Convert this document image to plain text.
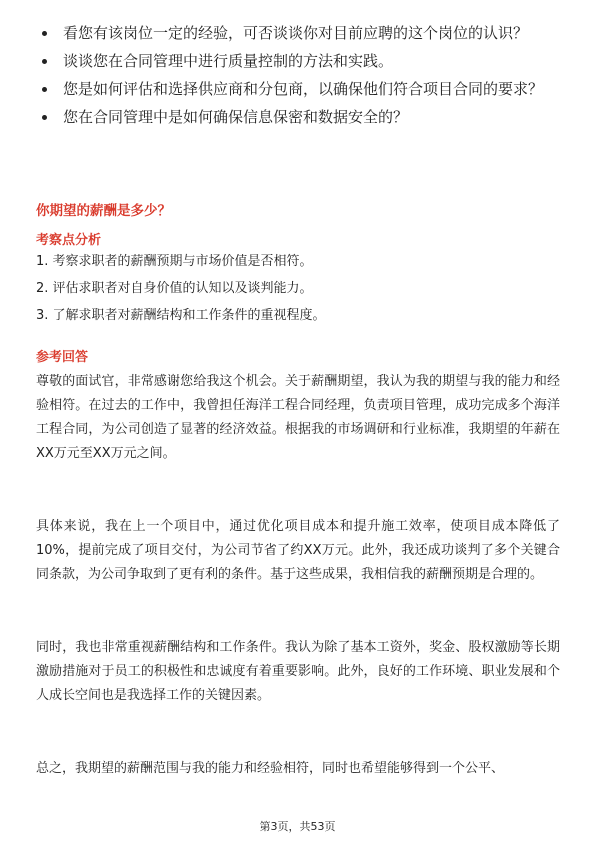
看您有该岗位一定的经验，可否谈谈你对目前应聘的这个岗位的认识？
谈谈您在合同管理中进行质量控制的方法和实践。
您是如何评估和选择供应商和分包商，以确保他们符合项目合同的要求？
您在合同管理中是如何确保信息保密和数据安全的？
你期望的薪酬是多少？
考察点分析
1. 考察求职者的薪酬预期与市场价值是否相符。
2. 评估求职者对自身价值的认知以及谈判能力。
3. 了解求职者对薪酬结构和工作条件的重视程度。
参考回答

尊敬的面试官，非常感谢您给我这个机会。关于薪酬期望，我认为我的期望与我的能力和经验相符。在过去的工作中，我曾担任海洋工程合同经理，负责项目管理，成功完成多个海洋工程合同，为公司创造了显著的经济效益。根据我的市场调研和行业标准，我期望的年薪在XX万元至XX万元之间。

具体来说，我在上一个项目中，通过优化项目成本和提升施工效率，使项目成本降低了10%，提前完成了项目交付，为公司节省了约XX万元。此外，我还成功谈判了多个关键合同条款，为公司争取到了更有利的条件。基于这些成果，我相信我的薪酬预期是合理的。

同时，我也非常重视薪酬结构和工作条件。我认为除了基本工资外，奖金、股权激励等长期激励措施对于员工的积极性和忠诚度有着重要影响。此外，良好的工作环境、职业发展和个人成长空间也是我选择工作的关键因素。

总之，我期望的薪酬范围与我的能力和经验相符，同时也希望能够得到一个公平、

第3页，共53页
